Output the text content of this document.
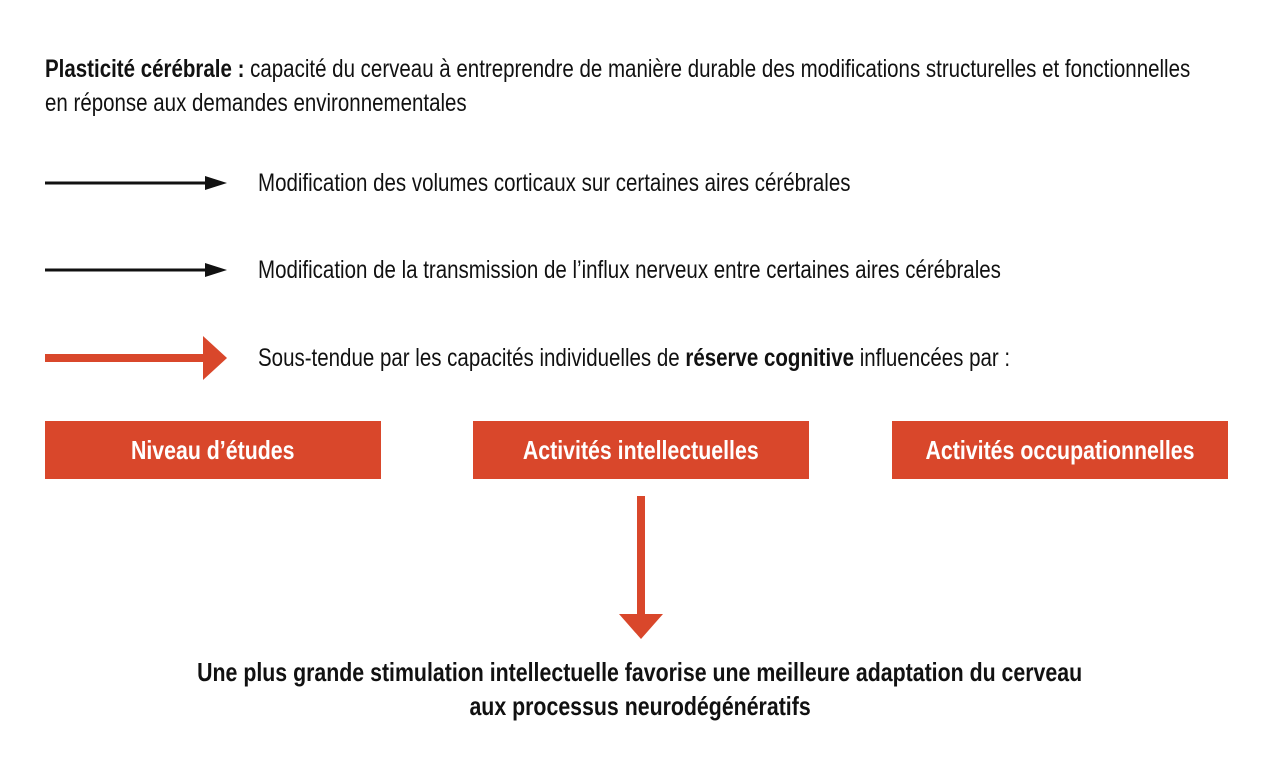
Plasticité cérébrale : capacité du cerveau à entreprendre de manière durable des modifications structurelles et fonctionnelles
en réponse aux demandes environnementales
Modification des volumes corticaux sur certaines aires cérébrales
Modification de la transmission de l’influx nerveux entre certaines aires cérébrales
Sous-tendue par les capacités individuelles de réserve cognitive influencées par :
Niveau d’études	Activités intellectuelles	Activités occupationnelles
Une plus grande stimulation intellectuelle favorise une meilleure adaptation du cerveau
aux processus neurodégénératifs
